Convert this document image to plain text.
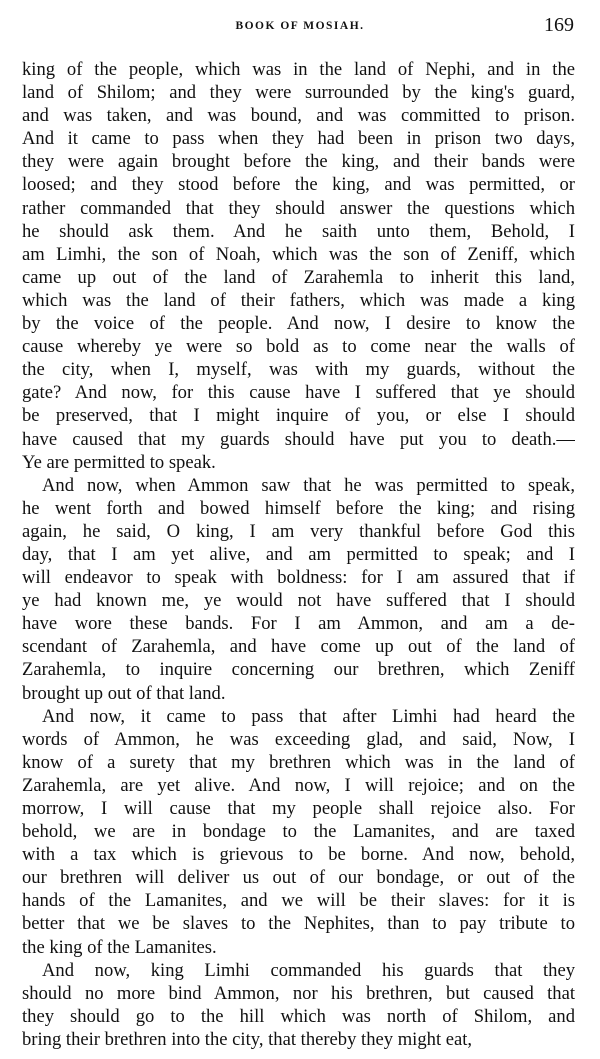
BOOK OF MOSIAH.	169
king of the people, which was in the land of Nephi, and in the
land of Shilom; and they were surrounded by the king's guard,
and was taken, and was bound, and was committed to prison.
And it came to pass when they had been in prison two days,
they were again brought before the king, and their bands were
loosed; and they stood before the king, and was permitted, or
rather commanded that they should answer the questions which
he should ask them. And he saith unto them, Behold, I
am Limhi, the son of Noah, which was the son of Zeniff, which
came up out of the land of Zarahemla to inherit this land,
which was the land of their fathers, which was made a king
by the voice of the people. And now, I desire to know the
cause whereby ye were so bold as to come near the walls of
the city, when I, myself, was with my guards, without the
gate? And now, for this cause have I suffered that ye should
be preserved, that I might inquire of you, or else I should
have caused that my guards should have put you to death.—
Ye are permitted to speak.
And now, when Ammon saw that he was permitted to speak,
he went forth and bowed himself before the king; and rising
again, he said, O king, I am very thankful before God this
day, that I am yet alive, and am permitted to speak; and I
will endeavor to speak with boldness: for I am assured that if
ye had known me, ye would not have suffered that I should
have wore these bands. For I am Ammon, and am a de-
scendant of Zarahemla, and have come up out of the land of
Zarahemla, to inquire concerning our brethren, which Zeniff
brought up out of that land.
And now, it came to pass that after Limhi had heard the
words of Ammon, he was exceeding glad, and said, Now, I
know of a surety that my brethren which was in the land of
Zarahemla, are yet alive. And now, I will rejoice; and on the
morrow, I will cause that my people shall rejoice also. For
behold, we are in bondage to the Lamanites, and are taxed
with a tax which is grievous to be borne. And now, behold,
our brethren will deliver us out of our bondage, or out of the
hands of the Lamanites, and we will be their slaves: for it is
better that we be slaves to the Nephites, than to pay tribute to
the king of the Lamanites.
And now, king Limhi commanded his guards that they
should no more bind Ammon, nor his brethren, but caused that
they should go to the hill which was north of Shilom, and
bring their brethren into the city, that thereby they might eat,
